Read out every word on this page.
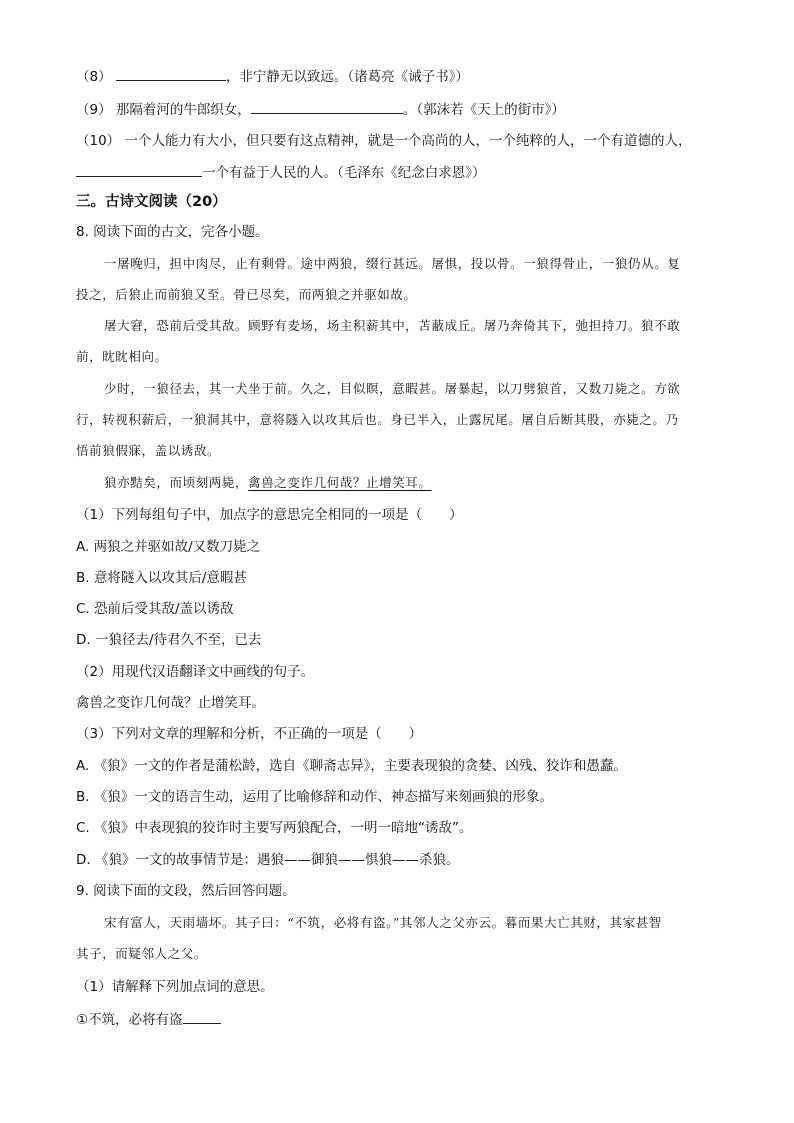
（8）	，非宁静无以致远。（诸葛亮《诫子书》）
（9） 那隔着河的牛郎织女，	。（郭沫若《天上的街市》）
（10） 一个人能力有大小，但只要有这点精神，就是一个高尚的人，一个纯粹的人，一个有道德的人，
一个有益于人民的人。（毛泽东《纪念白求恩》）
三。古诗文阅读（20）
8. 阅读下面的古文，完各小题。
一屠晚归，担中肉尽，止有剩骨。途中两狼，缀行甚远。屠惧，投以骨。一狼得骨止，一狼仍从。复
投之，后狼止而前狼又至。骨已尽矣，而两狼之并驱如故。
屠大窘，恐前后受其敌。顾野有麦场，场主积薪其中，苫蔽成丘。屠乃奔倚其下，弛担持刀。狼不敢
前，眈眈相向。
少时，一狼径去，其一犬坐于前。久之，目似瞑，意暇甚。屠暴起，以刀劈狼首，又数刀毙之。方欲
行，转视积薪后，一狼洞其中，意将隧入以攻其后也。身已半入，止露尻尾。屠自后断其股，亦毙之。乃
悟前狼假寐，盖以诱敌。
狼亦黠矣，而顷刻两毙，禽兽之变诈几何哉？止增笑耳。
（1）下列每组句子中，加点字的意思完全相同的一项是（　　）
A. 两狼之并驱如故/又数刀毙之
B. 意将隧入以攻其后/意暇甚
C. 恐前后受其敌/盖以诱敌
D. 一狼径去/待君久不至，已去
（2）用现代汉语翻译文中画线的句子。
禽兽之变诈几何哉？止增笑耳。
（3）下列对文章的理解和分析，不正确的一项是（　　）
A. 《狼》一文的作者是蒲松龄，选自《聊斋志异》，主要表现狼的贪婪、凶残、狡诈和愚蠢。
B. 《狼》一文的语言生动，运用了比喻修辞和动作、神态描写来刻画狼的形象。
C. 《狼》中表现狼的狡诈时主要写两狼配合，一明一暗地“诱敌”。
D. 《狼》一文的故事情节是：遇狼——御狼——惧狼——杀狼。
9. 阅读下面的文段，然后回答问题。
宋有富人，天雨墙坏。其子曰：“不筑，必将有盗。”其邻人之父亦云。暮而果大亡其财，其家甚智
其子，而疑邻人之父。
（1）请解释下列加点词的意思。
①不筑，必将有盗
